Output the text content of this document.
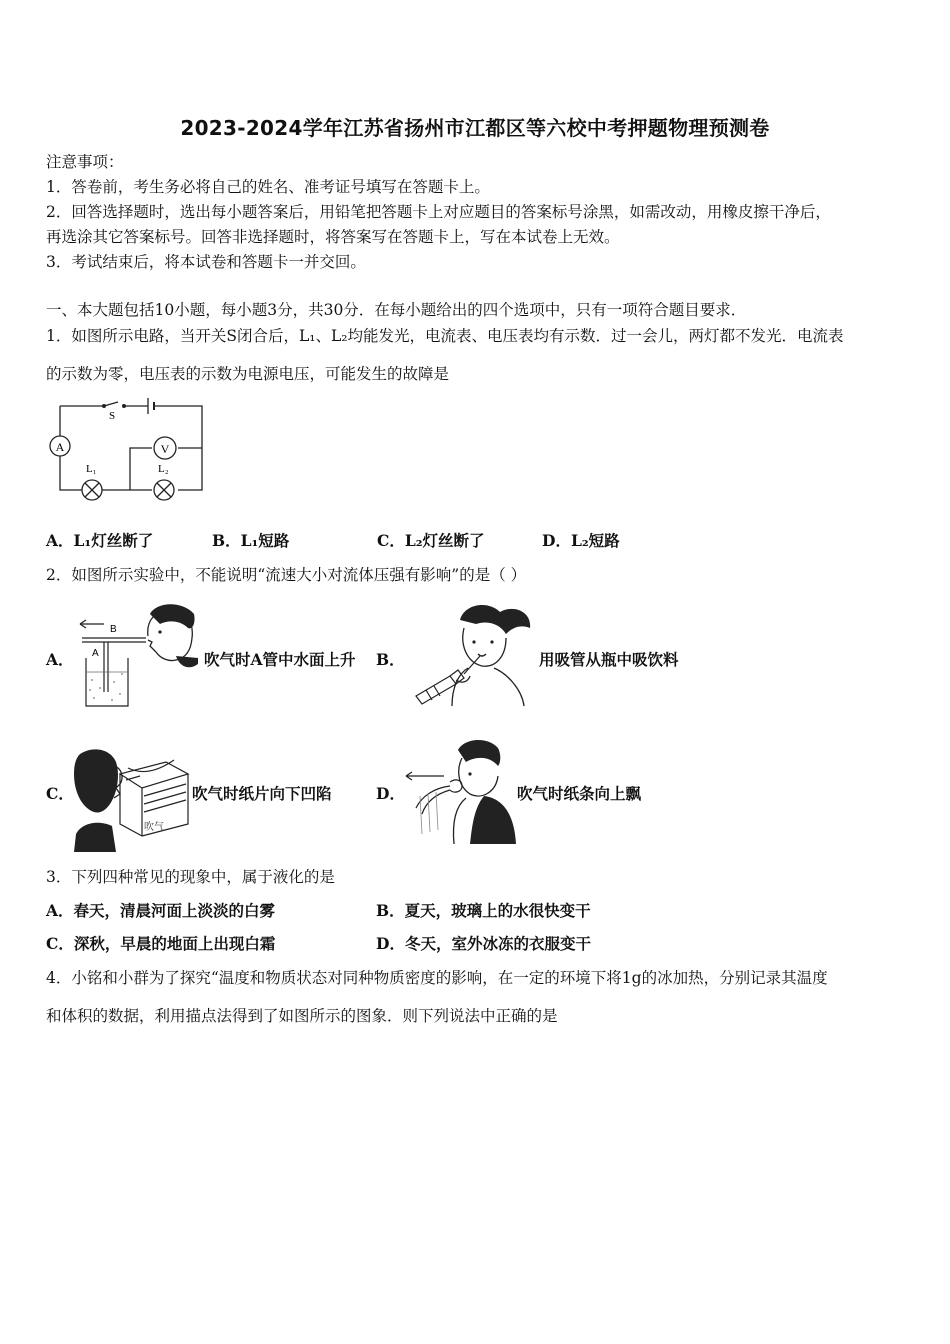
2023-2024学年江苏省扬州市江都区等六校中考押题物理预测卷
注意事项：
1．答卷前，考生务必将自己的姓名、准考证号填写在答题卡上。
2．回答选择题时，选出每小题答案后，用铅笔把答题卡上对应题目的答案标号涂黑，如需改动，用橡皮擦干净后，
再选涂其它答案标号。回答非选择题时，将答案写在答题卡上，写在本试卷上无效。
3．考试结束后，将本试卷和答题卡一并交回。
一、本大题包括10小题，每小题3分，共30分．在每小题给出的四个选项中，只有一项符合题目要求．
1．如图所示电路，当开关S闭合后，L₁、L₂均能发光，电流表、电压表均有示数．过一会儿，两灯都不发光．电流表
的示数为零，电压表的示数为电源电压，可能发生的故障是
A	V
S
L₁	L₂
A．L₁灯丝断了	B．L₁短路	C．L₂灯丝断了	D．L₂短路
2．如图所示实验中，不能说明“流速大小对流体压强有影响”的是（ ）
A．
B
A	吹气时A管中水面上升 B．	用吸管从瓶中吸饮料
C．
吹气
吹气时纸片向下凹陷	D．	吹气时纸条向上飘
3．下列四种常见的现象中，属于液化的是
A．春天，清晨河面上淡淡的白雾	B．夏天，玻璃上的水很快变干
C．深秋，早晨的地面上出现白霜	D．冬天，室外冰冻的衣服变干
4．小铭和小群为了探究“温度和物质状态对同种物质密度的影响，在一定的环境下将1g的冰加热，分别记录其温度
和体积的数据，利用描点法得到了如图所示的图象．则下列说法中正确的是
